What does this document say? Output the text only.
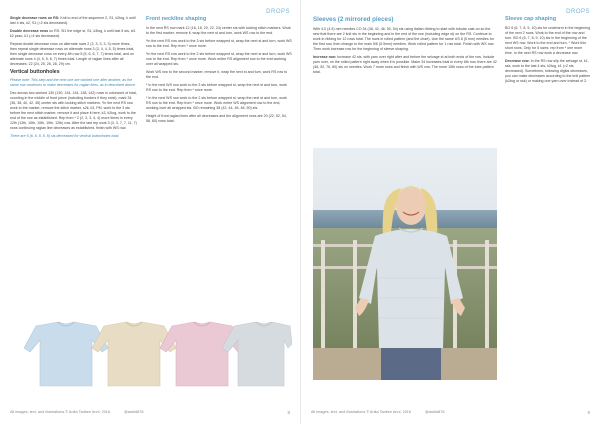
DROPS

Single decrease rows on RS: Knit to end of the sequence 2, S1, k2tog, k until last 4 sts, k2, S1 (=2 sts decreased).

Double decrease rows on RS: Sl1 the edge st, S1, k3tog, k until last 5 sts, sl1 k2 psso, k1 (=4 sts decreased).

Repeat double decrease rows on alternate rows 2 (3, 3, 3, 3, 3) more times, then repeat single decrease rows on alternate rows 3 (3, 4, 4, 5, 5) times total, then single decrease rows on every 4th row 5 (5, 6, 6, 7, 7) times total, and on alternate rows 4 (4, 5, 5, 6, 7) times total. Length of raglan lines after all decreases: 22 (24, 25, 26, 28, 29) cm.

Vertical buttonholes

Please note: This step and the next one are worked one after another, as the same row continues to make decreases for raglan lines, as in described above.

Dec across two worked 130 (130, 134, 134, 138, 142) rows in colorwork of total, counting in the middle of front piece (including borders if they exist), mark 34 (36, 38, 40, 42, 45) center sts with locking stitch markers. *In the next RS row work to the marker, remove the stitch marker, s2k, k3, PM, work to the 3 sts before the next stitch marker, remove it and place it here, k3, k2tog, work to the end of the row as established. Rep from * 2 (2, 3, 3, 4, 4) more times in every 12th (12th, 10th, 10th, 10th, 12th) row. After the last rep work 3 (3, 3, 7, 7, 11, 7) rows continuing raglan line decreases as established, finish with WS row.

There are 6 (6, 6, 8, 8, 8) sts decreased for vertical buttonholes total.

Front neckline shaping

In the next RS row mark 12 (16, 18, 20, 22, 24) center sts with locking stitch markers. Work to the first marker, remove it, wrap the next st and turn, work WS row to the end.

*In the next RS row work to the 3 sts before wrapped st, wrap the next st and turn, work WS row to the end. Rep from * once more.

*In the next RS row work to the 2 sts before wrapped st, wrap the next st and turn, work WS row to the end. Rep from * once more. Work entire RS alignment row to the end working over all wrapped sts.

Work WS row to the second marker, remove it, wrap the next st and turn, work RS row to the end.

* In the next WS row work to the 3 sts before wrapped st, wrap the next st and turn, work RS row to the end. Rep from * once more.

* In the next WS row work to the 2 sts before wrapped st, wrap the next st and turn, work RS row to the end. Rep from * once more. Work entire WS alignment row to the end, working over all wrapped sts. BO remaining 38 (42, 44, 46, 48, 50) sts.

Height of front raglan lines after all decreases and the alignment rows are 20 (22, 52, 54, 56, 60) rows total.

All images, text, and illustrations © Anita Tadbee Anni, 2016	@astrid878	8
DROPS
Sleeves (2 mirrored pieces)

With 4.0 (4.5) mm needles CO 34 (38, 42, 46, 50, 54) sts using Italian ribbing to start with tubular cast-on so the sew that there are 2 knit sts in the beginning and in the end of the row (including edge st) on the RS. Continue to work in ribbing for 12 rows total. The rows in rolled pattern (and the chart). Use the same US 8 (5 mm) needles for the first row, then change to the main 5/6 (5.5mm) needles. Work rolled pattern for 1 row total. Finish with WS row. Then work increase row for the beginning of sleeve shaping.

Increase row: Increase 42 sts, with yarn over right after and before the selvage st at both ends of the row. Include yarn over, on the rolled pattern right away when it is possible. Make 34 increases total in every 8th row, there are 42 (46, 52, 76, 60) sts on needles. Work 7 more rows and finish with WS row. The more 10th rows of the tube pattern total.

Sleeve cap shaping

BO 6 (6, 7, 8, 9, 10) sts for underarm in the beginning of the next 2 rows. Work to the end of the row and turn. BO 6 (6, 7, 8, 9, 10) sts in the beginning of the next WS row. Work to the end and turn. * Work this short rows. Only for 5 sizes: rep from * one more time. In the next RS row work a decrease row.

Decrease row: In the RS row slip the selvage st, k1, ssk, work to the last 4 sts, k2tog, k1 (=2 sts decreased). Sometimes, following digital decreases, you can make decreases according to the knit pattern (k2tog or ssk) or making one yarn over instead of 2.

All images, text, and illustrations © Anita Tadbee Anni, 2016	@astrid878	9
